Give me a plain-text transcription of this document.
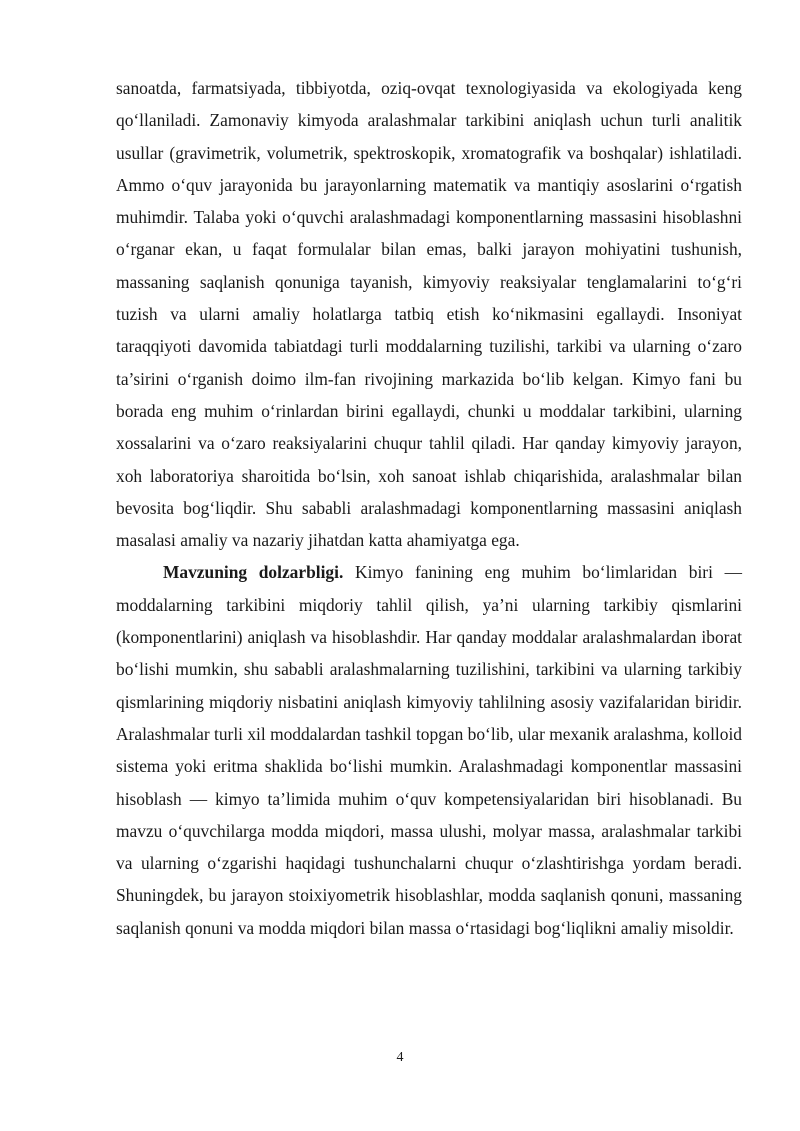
sanoatda, farmatsiyada, tibbiyotda, oziq-ovqat texnologiyasida va ekologiyada keng qo‘llaniladi. Zamonaviy kimyoda aralashmalar tarkibini aniqlash uchun turli analitik usullar (gravimetrik, volumetrik, spektroskopik, xromatografik va boshqalar) ishlatiladi. Ammo o‘quv jarayonida bu jarayonlarning matematik va mantiqiy asoslarini o‘rgatish muhimdir. Talaba yoki o‘quvchi aralashmadagi komponentlarning massasini hisoblashni o‘rganar ekan, u faqat formulalar bilan emas, balki jarayon mohiyatini tushunish, massaning saqlanish qonuniga tayanish, kimyoviy reaksiyalar tenglamalarini to‘g‘ri tuzish va ularni amaliy holatlarga tatbiq etish ko‘nikmasini egallaydi. Insoniyat taraqqiyoti davomida tabiatdagi turli moddalarning tuzilishi, tarkibi va ularning o‘zaro ta’sirini o‘rganish doimo ilm-fan rivojining markazida bo‘lib kelgan. Kimyo fani bu borada eng muhim o‘rinlardan birini egallaydi, chunki u moddalar tarkibini, ularning xossalarini va o‘zaro reaksiyalarini chuqur tahlil qiladi. Har qanday kimyoviy jarayon, xoh laboratoriya sharoitida bo‘lsin, xoh sanoat ishlab chiqarishida, aralashmalar bilan bevosita bog‘liqdir. Shu sababli aralashmadagi komponentlarning massasini aniqlash masalasi amaliy va nazariy jihatdan katta ahamiyatga ega.

Mavzuning dolzarbligi. Kimyo fanining eng muhim bo‘limlaridan biri — moddalarning tarkibini miqdoriy tahlil qilish, ya’ni ularning tarkibiy qismlarini (komponentlarini) aniqlash va hisoblashdir. Har qanday moddalar aralashmalardan iborat bo‘lishi mumkin, shu sababli aralashmalarning tuzilishini, tarkibini va ularning tarkibiy qismlarining miqdoriy nisbatini aniqlash kimyoviy tahlilning asosiy vazifalaridan biridir. Aralashmalar turli xil moddalardan tashkil topgan bo‘lib, ular mexanik aralashma, kolloid sistema yoki eritma shaklida bo‘lishi mumkin. Aralashmadagi komponentlar massasini hisoblash — kimyo ta’limida muhim o‘quv kompetensiyalaridan biri hisoblanadi. Bu mavzu o‘quvchilarga modda miqdori, massa ulushi, molyar massa, aralashmalar tarkibi va ularning o‘zgarishi haqidagi tushunchalarni chuqur o‘zlashtirishga yordam beradi. Shuningdek, bu jarayon stoixiyometrik hisoblashlar, modda saqlanish qonuni, massaning saqlanish qonuni va modda miqdori bilan massa o‘rtasidagi bog‘liqlikni amaliy misoldir.

4
